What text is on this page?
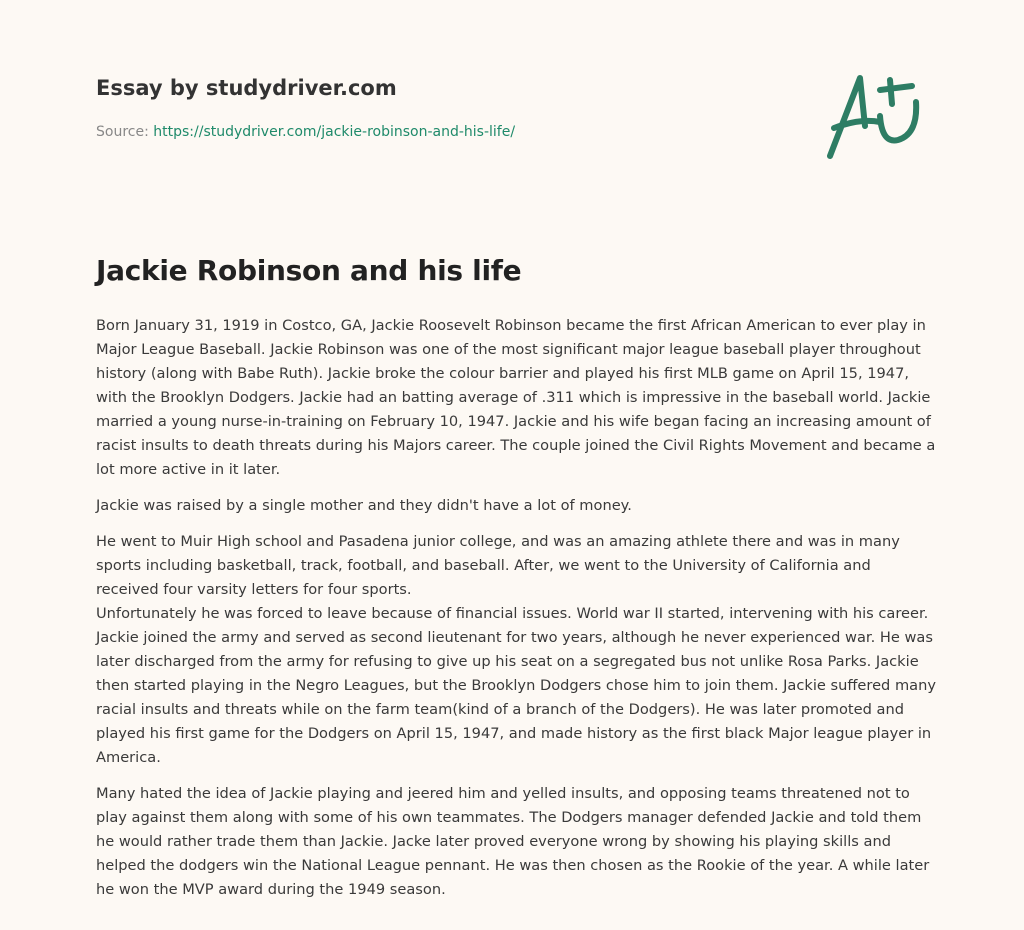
Essay by studydriver.com
Source: https://studydriver.com/jackie-robinson-and-his-life/
Jackie Robinson and his life

Born January 31, 1919 in Costco, GA, Jackie Roosevelt Robinson became the first African American to ever play in Major League Baseball. Jackie Robinson was one of the most significant major league baseball player throughout history (along with Babe Ruth). Jackie broke the colour barrier and played his first MLB game on April 15, 1947, with the Brooklyn Dodgers. Jackie had an batting average of .311 which is impressive in the baseball world. Jackie married a young nurse-in-training on February 10, 1947. Jackie and his wife began facing an increasing amount of racist insults to death threats during his Majors career. The couple joined the Civil Rights Movement and became a lot more active in it later.

Jackie was raised by a single mother and they didn't have a lot of money.

He went to Muir High school and Pasadena junior college, and was an amazing athlete there and was in many sports including basketball, track, football, and baseball. After, we went to the University of California and received four varsity letters for four sports.
Unfortunately he was forced to leave because of financial issues. World war II started, intervening with his career. Jackie joined the army and served as second lieutenant for two years, although he never experienced war. He was later discharged from the army for refusing to give up his seat on a segregated bus not unlike Rosa Parks. Jackie then started playing in the Negro Leagues, but the Brooklyn Dodgers chose him to join them. Jackie suffered many racial insults and threats while on the farm team(kind of a branch of the Dodgers). He was later promoted and played his first game for the Dodgers on April 15, 1947, and made history as the first black Major league player in America.

Many hated the idea of Jackie playing and jeered him and yelled insults, and opposing teams threatened not to play against them along with some of his own teammates. The Dodgers manager defended Jackie and told them he would rather trade them than Jackie. Jacke later proved everyone wrong by showing his playing skills and helped the dodgers win the National League pennant. He was then chosen as the Rookie of the year. A while later he won the MVP award during the 1949 season.
